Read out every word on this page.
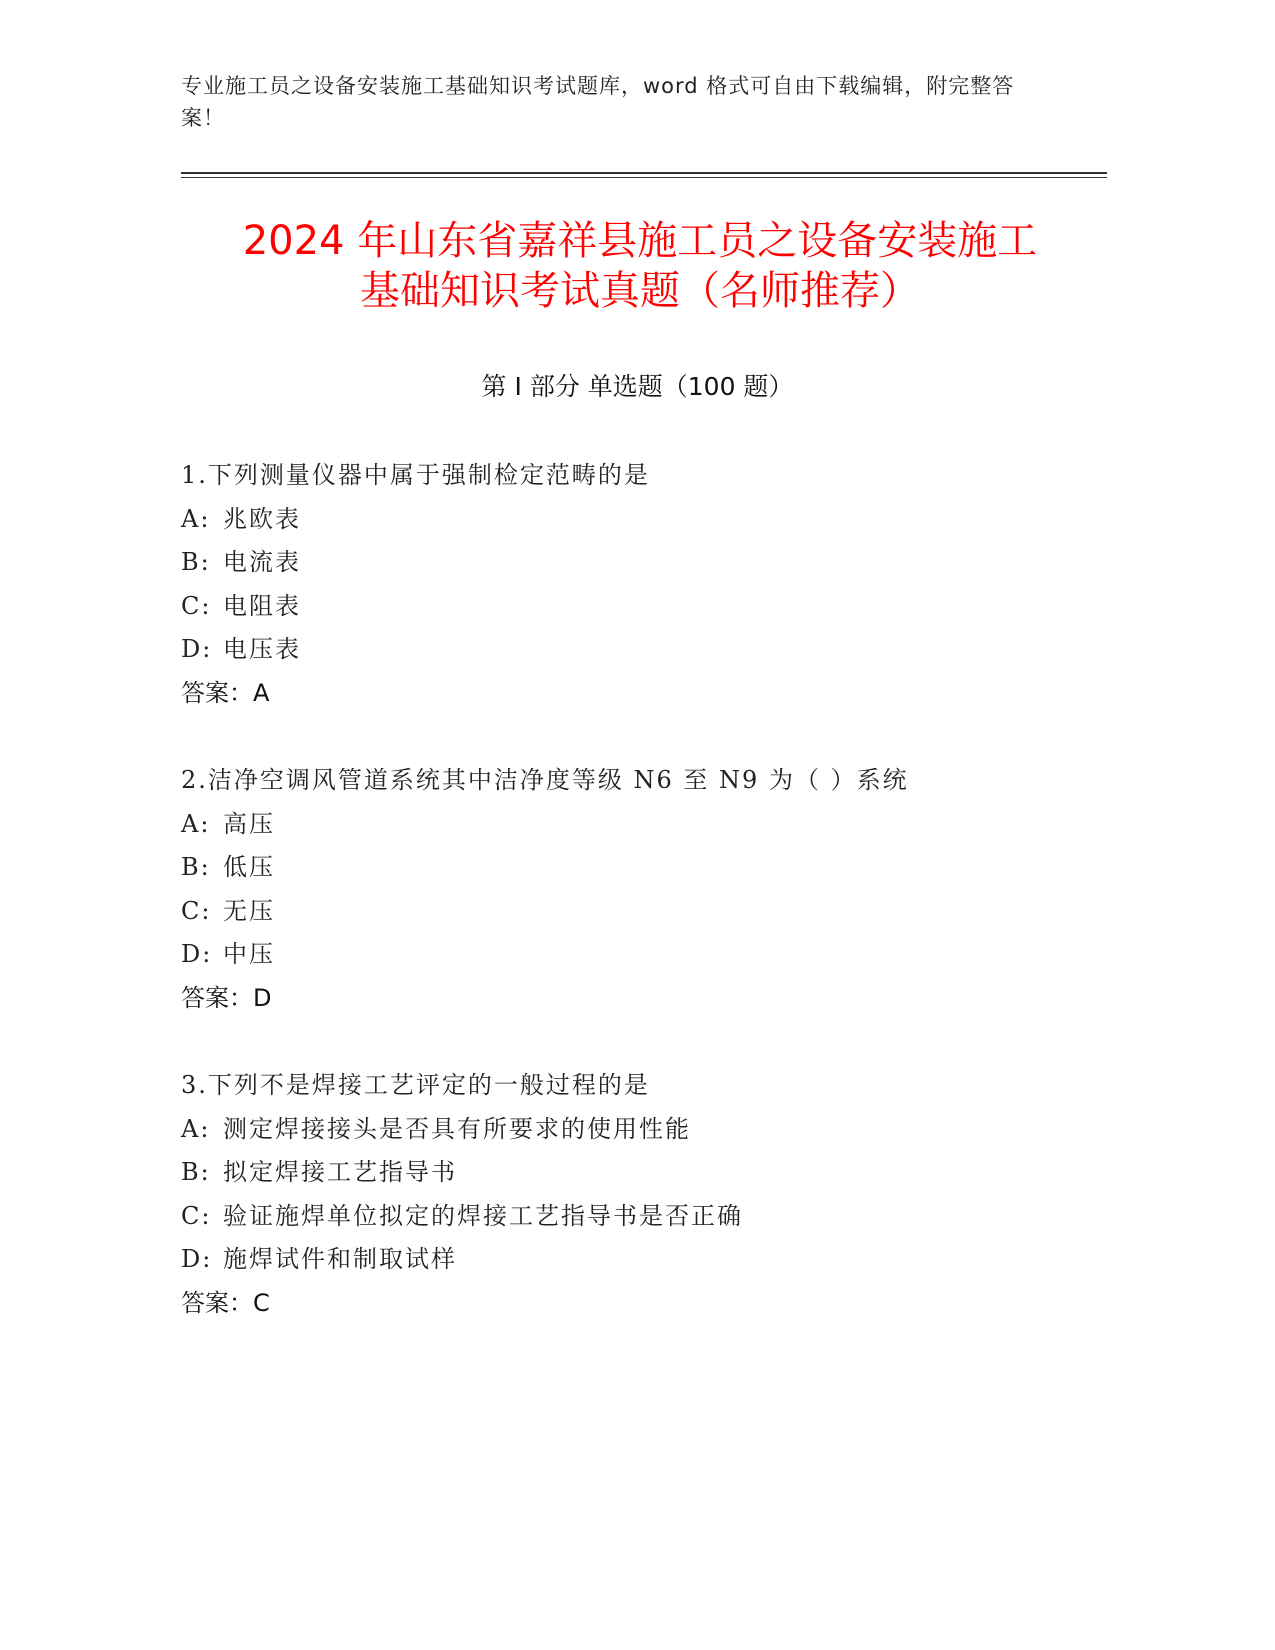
专业施工员之设备安装施工基础知识考试题库，word 格式可自由下载编辑，附完整答案！
2024 年山东省嘉祥县施工员之设备安装施工
基础知识考试真题（名师推荐）
第 I 部分 单选题（100 题）
1.下列测量仪器中属于强制检定范畴的是
A: 兆欧表
B: 电流表
C: 电阻表
D: 电压表
答案：A
2.洁净空调风管道系统其中洁净度等级 N6 至 N9 为（ ）系统
A: 高压
B: 低压
C: 无压
D: 中压
答案：D
3.下列不是焊接工艺评定的一般过程的是
A: 测定焊接接头是否具有所要求的使用性能
B: 拟定焊接工艺指导书
C: 验证施焊单位拟定的焊接工艺指导书是否正确
D: 施焊试件和制取试样
答案：C
